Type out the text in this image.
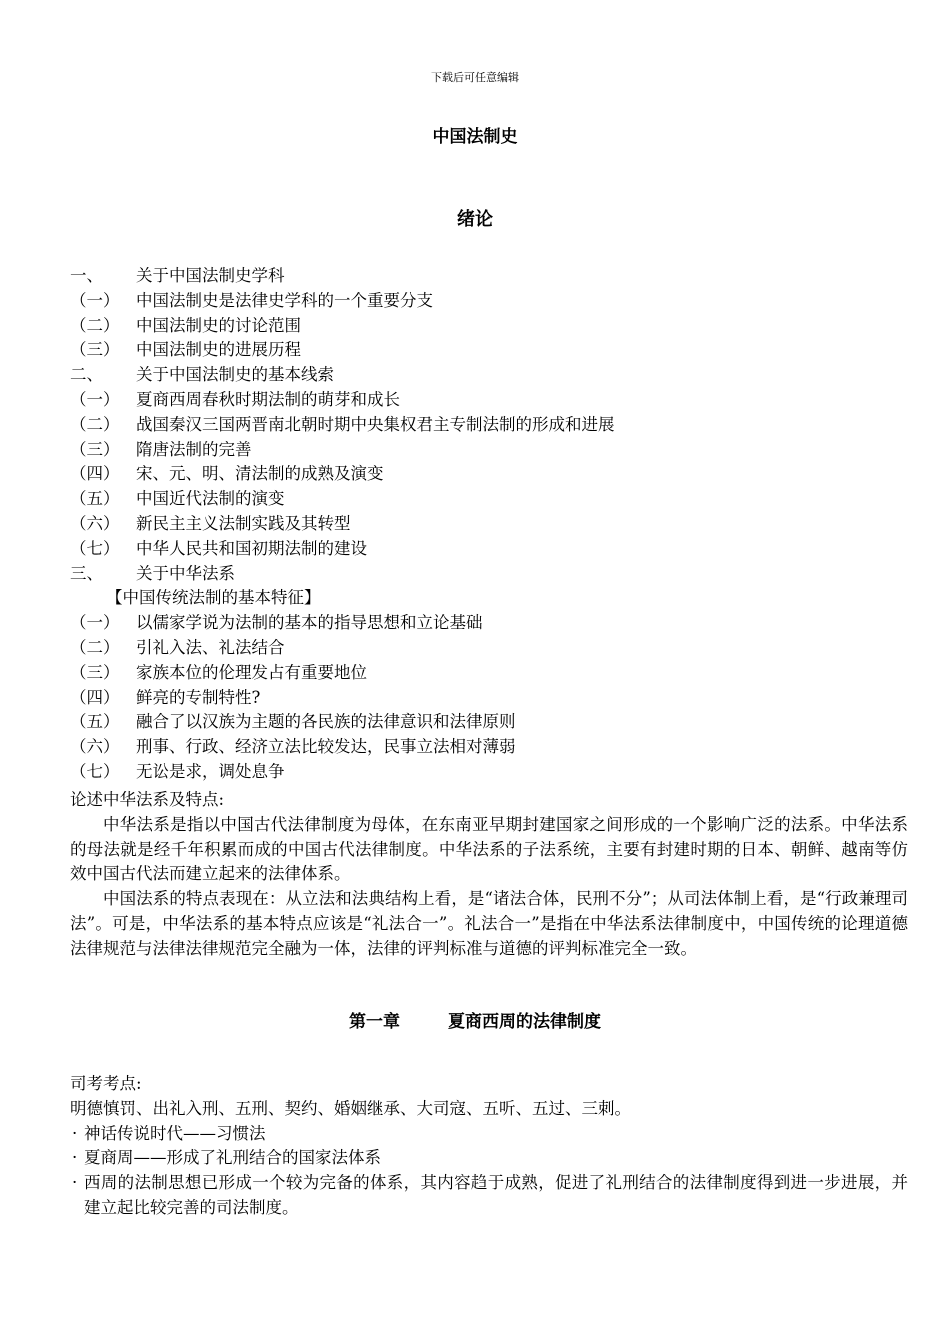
下载后可任意编辑
中国法制史
绪论
一、 关于中国法制史学科
（一） 中国法制史是法律史学科的一个重要分支
（二） 中国法制史的讨论范围
（三） 中国法制史的进展历程
二、 关于中国法制史的基本线索
（一） 夏商西周春秋时期法制的萌芽和成长
（二） 战国秦汉三国两晋南北朝时期中央集权君主专制法制的形成和进展
（三） 隋唐法制的完善
（四） 宋、元、明、清法制的成熟及演变
（五） 中国近代法制的演变
（六） 新民主主义法制实践及其转型
（七） 中华人民共和国初期法制的建设
三、 关于中华法系
【中国传统法制的基本特征】
（一） 以儒家学说为法制的基本的指导思想和立论基础
（二） 引礼入法、礼法结合
（三） 家族本位的伦理发占有重要地位
（四） 鲜亮的专制特性?
（五） 融合了以汉族为主题的各民族的法律意识和法律原则
（六） 刑事、行政、经济立法比较发达，民事立法相对薄弱
（七） 无讼是求，调处息争
论述中华法系及特点:

中华法系是指以中国古代法律制度为母体，在东南亚早期封建国家之间形成的一个影响广泛的法系。中华法系的母法就是经千年积累而成的中国古代法律制度。中华法系的子法系统，主要有封建时期的日本、朝鲜、越南等仿效中国古代法而建立起来的法律体系。

中国法系的特点表现在：从立法和法典结构上看，是“诸法合体，民刑不分”；从司法体制上看，是“行政兼理司法”。可是，中华法系的基本特点应该是“礼法合一”。礼法合一”是指在中华法系法律制度中，中国传统的论理道德法律规范与法律法律规范完全融为一体，法律的评判标准与道德的评判标准完全一致。

第一章	夏商西周的法律制度
司考考点:
明德慎罚、出礼入刑、五刑、契约、婚姻继承、大司寇、五听、五过、三刺。
· 神话传说时代——习惯法
· 夏商周——形成了礼刑结合的国家法体系
· 西周的法制思想已形成一个较为完备的体系，其内容趋于成熟，促进了礼刑结合的法律制度得到进一步进展，并建立起比较完善的司法制度。
